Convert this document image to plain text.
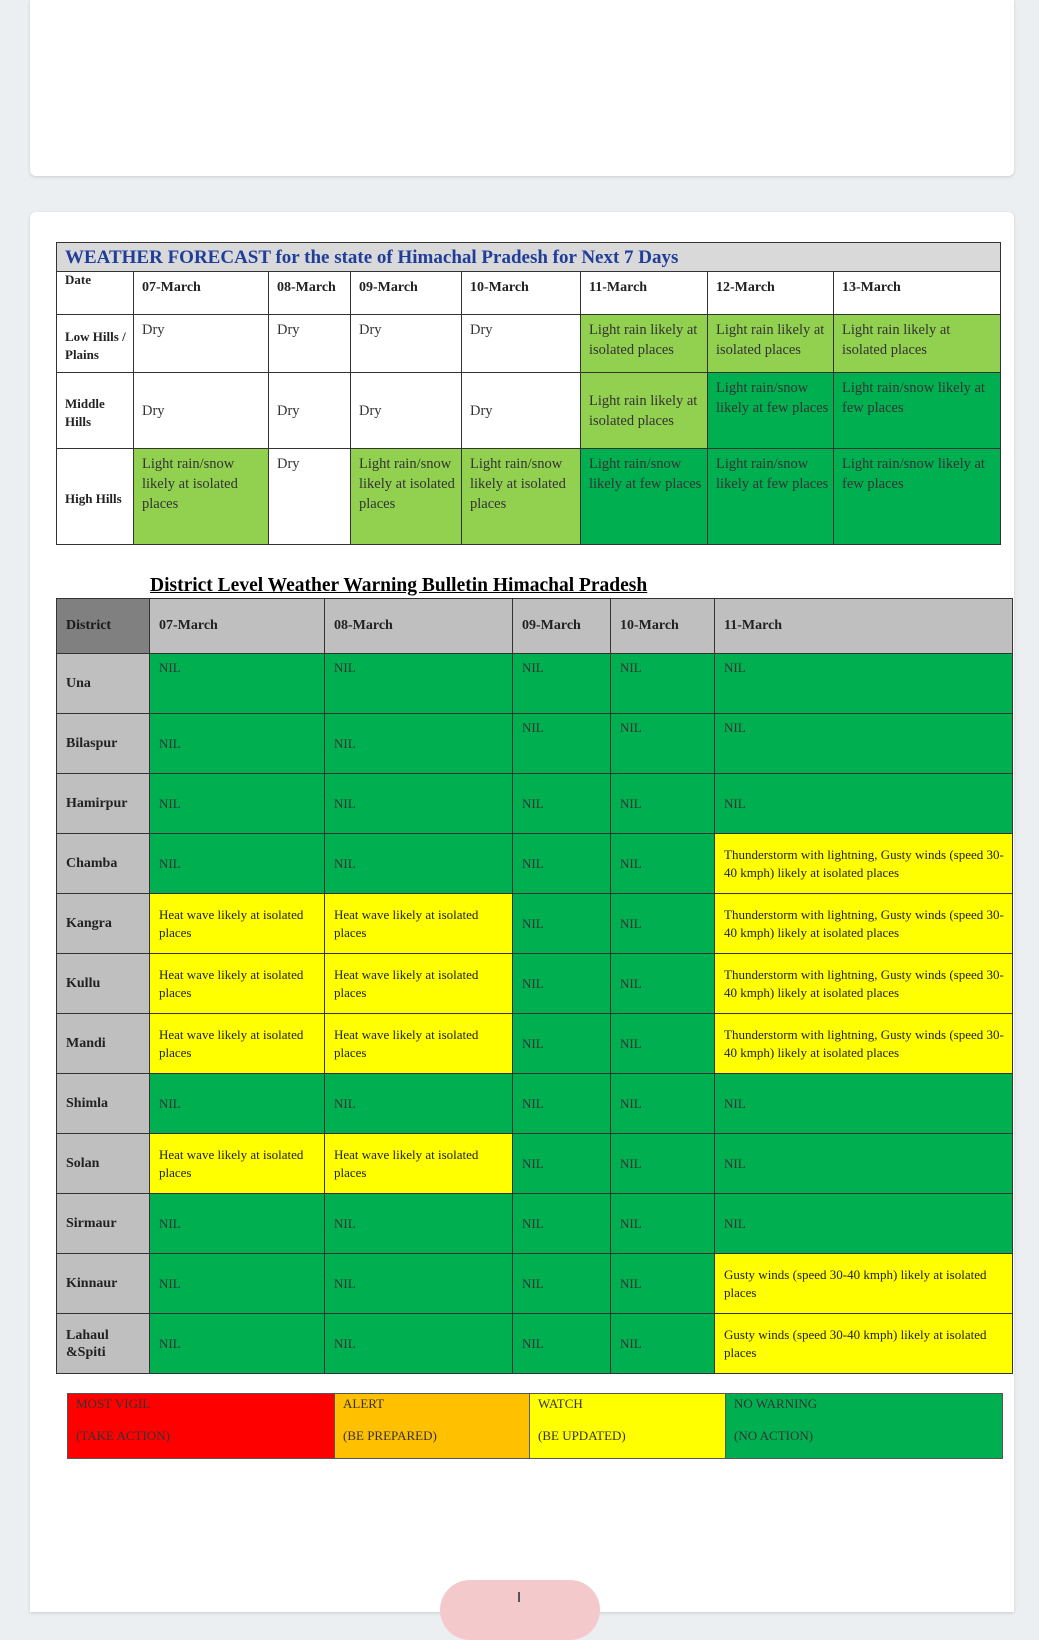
WEATHER FORECAST for the state of Himachal Pradesh for Next 7 Days							
Date	07-March	08-March	09-March	10-March	11-March	12-March	13-March
Low Hills / Plains	Dry	Dry	Dry	Dry	Light rain likely at isolated places	Light rain likely at isolated places	Light rain likely at isolated places
Middle Hills	Dry	Dry	Dry	Dry	Light rain likely at isolated places	Light rain/snow likely at few places	Light rain/snow likely at few places
High Hills	Light rain/snow likely at isolated places	Dry	Light rain/snow likely at isolated places	Light rain/snow likely at isolated places	Light rain/snow likely at few places	Light rain/snow likely at few places	Light rain/snow likely at few places
District Level Weather Warning Bulletin Himachal Pradesh
District	07-March	08-March	09-March	10-March	11-March
Una	NIL	NIL	NIL	NIL	NIL
Bilaspur	NIL	NIL	NIL	NIL	NIL
Hamirpur	NIL	NIL	NIL	NIL	NIL
Chamba	NIL	NIL	NIL	NIL	Thunderstorm with lightning, Gusty winds (speed 30-40 kmph) likely at isolated places
Kangra	Heat wave likely at isolated places	Heat wave likely at isolated places	NIL	NIL	Thunderstorm with lightning, Gusty winds (speed 30-40 kmph) likely at isolated places
Kullu	Heat wave likely at isolated places	Heat wave likely at isolated places	NIL	NIL	Thunderstorm with lightning, Gusty winds (speed 30-40 kmph) likely at isolated places
Mandi	Heat wave likely at isolated places	Heat wave likely at isolated places	NIL	NIL	Thunderstorm with lightning, Gusty winds (speed 30-40 kmph) likely at isolated places
Shimla	NIL	NIL	NIL	NIL	NIL
Solan	Heat wave likely at isolated places	Heat wave likely at isolated places	NIL	NIL	NIL
Sirmaur	NIL	NIL	NIL	NIL	NIL
Kinnaur	NIL	NIL	NIL	NIL	Gusty winds (speed 30-40 kmph) likely at isolated places
Lahaul &Spiti	NIL	NIL	NIL	NIL	Gusty winds (speed 30-40 kmph) likely at isolated places
MOST VIGIL
(TAKE ACTION)

ALERT
(BE PREPARED)

WATCH
(BE UPDATED)

NO WARNING
(NO ACTION)
